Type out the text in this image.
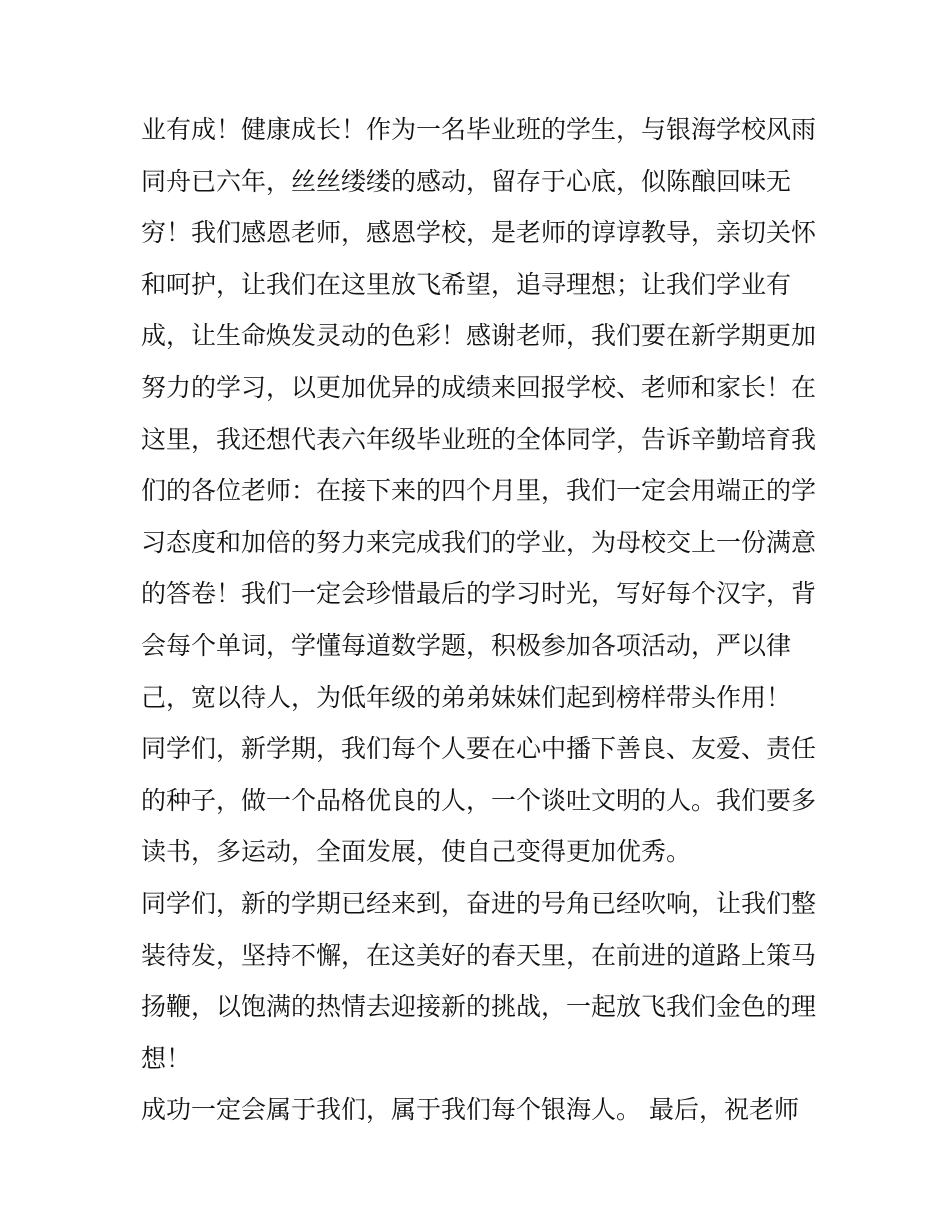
业有成！健康成长！作为一名毕业班的学生，与银海学校风雨
同舟已六年，丝丝缕缕的感动，留存于心底，似陈酿回味无
穷！我们感恩老师，感恩学校，是老师的谆谆教导，亲切关怀
和呵护，让我们在这里放飞希望，追寻理想；让我们学业有
成，让生命焕发灵动的色彩！感谢老师，我们要在新学期更加
努力的学习，以更加优异的成绩来回报学校、老师和家长！在
这里，我还想代表六年级毕业班的全体同学，告诉辛勤培育我
们的各位老师：在接下来的四个月里，我们一定会用端正的学
习态度和加倍的努力来完成我们的学业，为母校交上一份满意
的答卷！我们一定会珍惜最后的学习时光，写好每个汉字，背
会每个单词，学懂每道数学题，积极参加各项活动，严以律
己，宽以待人，为低年级的弟弟妹妹们起到榜样带头作用！
同学们，新学期，我们每个人要在心中播下善良、友爱、责任
的种子，做一个品格优良的人，一个谈吐文明的人。我们要多
读书，多运动，全面发展，使自己变得更加优秀。
同学们，新的学期已经来到，奋进的号角已经吹响，让我们整
装待发，坚持不懈，在这美好的春天里，在前进的道路上策马
扬鞭，以饱满的热情去迎接新的挑战，一起放飞我们金色的理
想！
成功一定会属于我们，属于我们每个银海人。 最后，祝老师
